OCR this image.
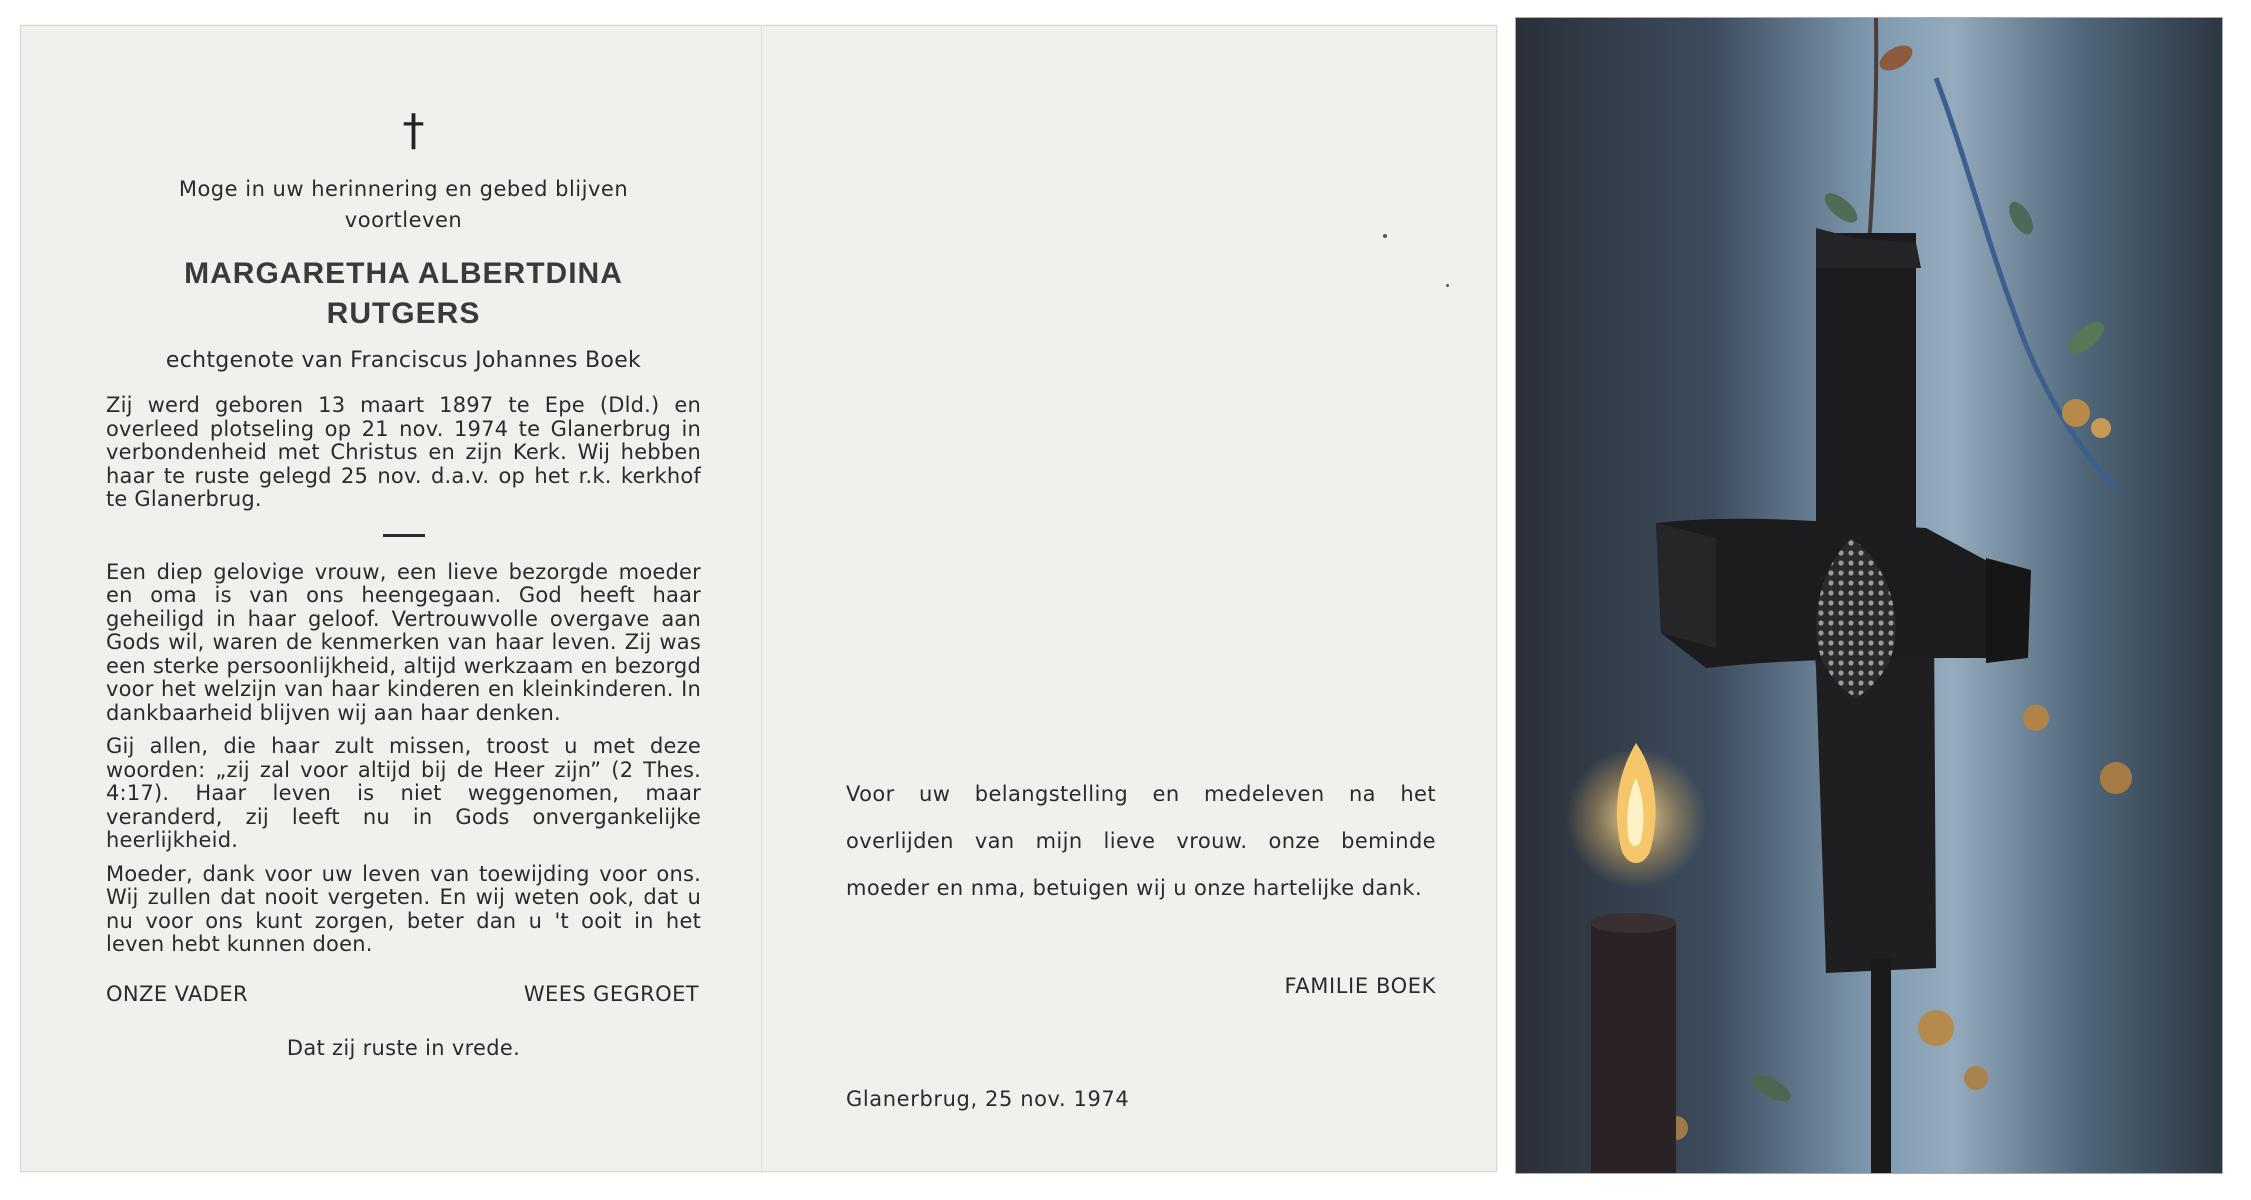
†
Moge in uw herinnering en gebed blijven
voortleven
MARGARETHA ALBERTDINA
RUTGERS
echtgenote van Franciscus Johannes Boek

Zij werd geboren 13 maart 1897 te Epe (Dld.) en overleed plotseling op 21 nov. 1974 te Glanerbrug in verbondenheid met Christus en zijn Kerk. Wij hebben haar te ruste gelegd 25 nov. d.a.v. op het r.k. kerkhof te Glanerbrug.

Een diep gelovige vrouw, een lieve bezorgde moeder en oma is van ons heengegaan. God heeft haar geheiligd in haar geloof. Vertrouwvolle overgave aan Gods wil, waren de kenmerken van haar leven. Zij was een sterke persoonlijkheid, altijd werkzaam en bezorgd voor het welzijn van haar kinderen en kleinkinderen. In dankbaarheid blijven wij aan haar denken.

Gij allen, die haar zult missen, troost u met deze woorden: „zij zal voor altijd bij de Heer zijn” (2 Thes. 4:17). Haar leven is niet weggenomen, maar veranderd, zij leeft nu in Gods onvergankelijke heerlijkheid.

Moeder, dank voor uw leven van toewijding voor ons. Wij zullen dat nooit vergeten. En wij weten ook, dat u nu voor ons kunt zorgen, beter dan u 't ooit in het leven hebt kunnen doen.

ONZE VADER	WEES GEGROET
Dat zij ruste in vrede.

Voor uw belangstelling en medeleven na het overlijden van mijn lieve vrouw. onze beminde moeder en nma, betuigen wij u onze hartelijke dank.

FAMILIE BOEK
Glanerbrug, 25 nov. 1974
